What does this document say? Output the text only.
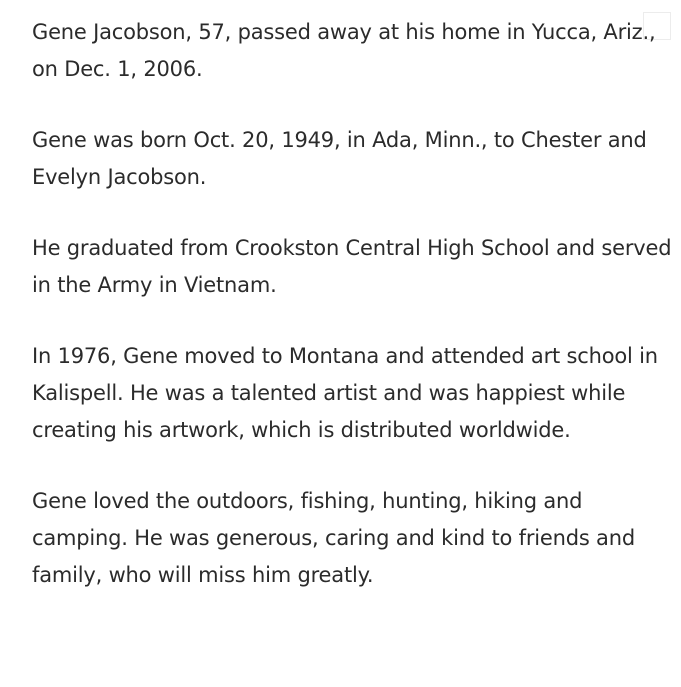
Gene Jacobson, 57, passed away at his home in Yucca, Ariz., on Dec. 1, 2006.

Gene was born Oct. 20, 1949, in Ada, Minn., to Chester and Evelyn Jacobson.

He graduated from Crookston Central High School and served in the Army in Vietnam.

In 1976, Gene moved to Montana and attended art school in Kalispell. He was a talented artist and was happiest while creating his artwork, which is distributed worldwide.

Gene loved the outdoors, fishing, hunting, hiking and camping. He was generous, caring and kind to friends and family, who will miss him greatly.
